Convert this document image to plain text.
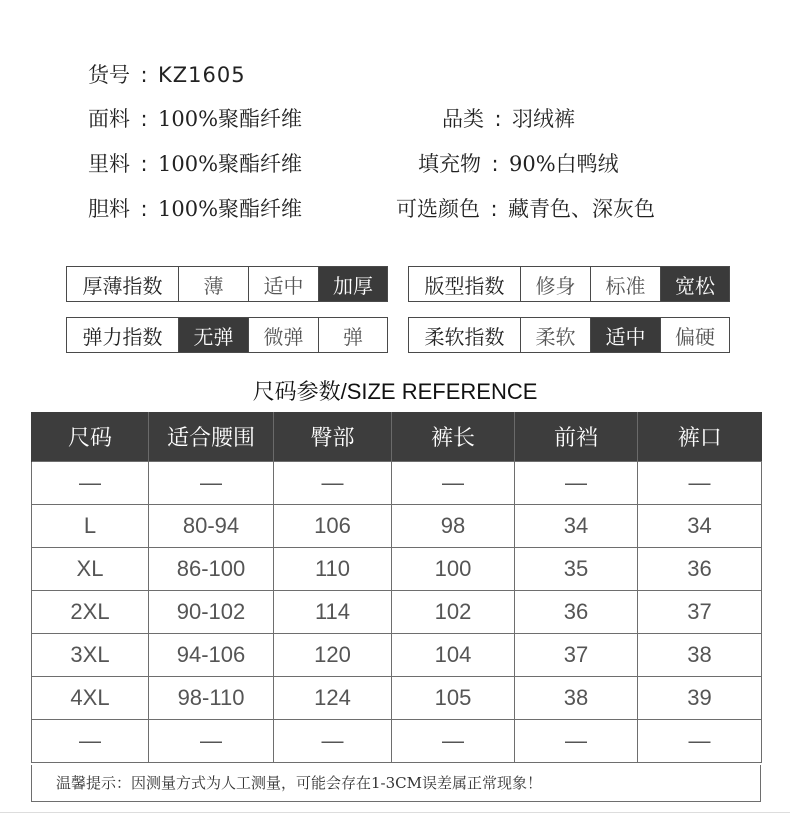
货号 : KZ1605
面料 : 100%聚酯纤维	品类 : 羽绒裤
里料 : 100%聚酯纤维	填充物 : 90%白鸭绒
胆料 : 100%聚酯纤维	可选颜色 : 藏青色、深灰色
厚薄指数	薄	适中	加厚	版型指数	修身	标准	宽松
弹力指数	无弹	微弹	弹	柔软指数	柔软	适中	偏硬
尺码参数/SIZE REFERENCE
尺码	适合腰围	臀部	裤长	前裆	裤口
—	—	—	—	—	—
L	80-94	106	98	34	34
XL	86-100	110	100	35	36
2XL	90-102	114	102	36	37
3XL	94-106	120	104	37	38
4XL	98-110	124	105	38	39
—	—	—	—	—	—
温馨提示：因测量方式为人工测量，可能会存在1-3CM误差属正常现象！
